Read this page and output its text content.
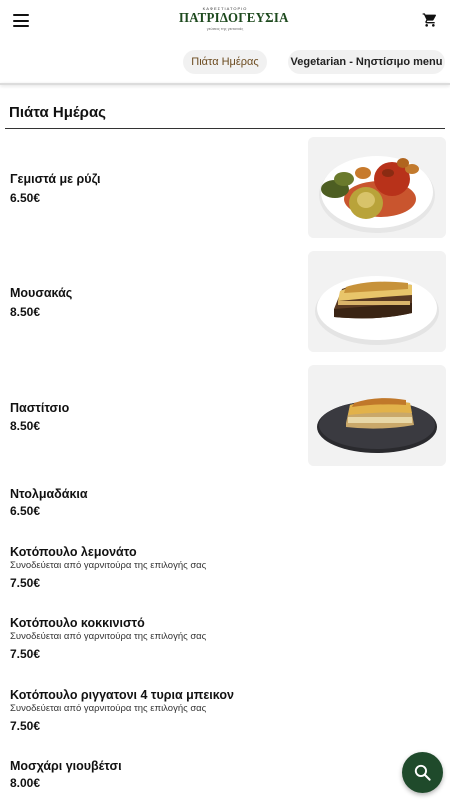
ΚΑΦΕΣΤΙΑΤΟΡΙΟ
ΠΑΤΡΙΔΟΓΕΥΣΙΑ
γεύσεις της γειτονιάς
Πιάτα Ημέρας	Vegetarian - Νηστίσιμο menu
Πιάτα Ημέρας
Γεμιστά με ρύζι
6.50€
Μουσακάς
8.50€
Παστίτσιο
8.50€
Ντολμαδάκια
6.50€
Κοτόπουλο λεμονάτο
Συνοδεύεται από γαρνιτούρα της επιλογής σας
7.50€
Κοτόπουλο κοκκινιστό
Συνοδεύεται από γαρνιτούρα της επιλογής σας
7.50€
Κοτόπουλο ριγγατονι 4 τυρια μπεικον
Συνοδεύεται από γαρνιτούρα της επιλογής σας
7.50€
Μοσχάρι γιουβέτσι
8.00€
